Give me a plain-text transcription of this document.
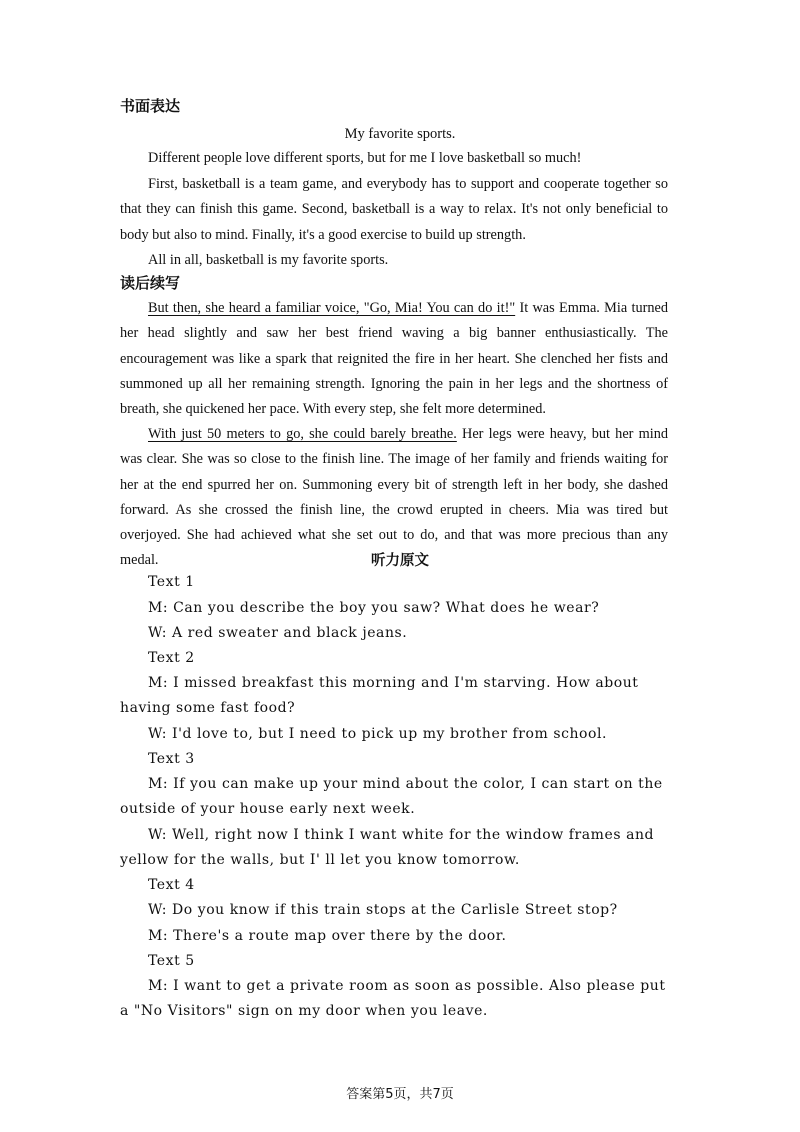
书面表达
My favorite sports.
Different people love different sports, but for me I love basketball so much!
First, basketball is a team game, and everybody has to support and cooperate together so that they can finish this game. Second, basketball is a way to relax. It's not only beneficial to body but also to mind. Finally, it's a good exercise to build up strength.
All in all, basketball is my favorite sports.
读后续写
But then, she heard a familiar voice, "Go, Mia! You can do it!" It was Emma. Mia turned her head slightly and saw her best friend waving a big banner enthusiastically. The encouragement was like a spark that reignited the fire in her heart. She clenched her fists and summoned up all her remaining strength. Ignoring the pain in her legs and the shortness of breath, she quickened her pace. With every step, she felt more determined.
With just 50 meters to go, she could barely breathe. Her legs were heavy, but her mind was clear. She was so close to the finish line. The image of her family and friends waiting for her at the end spurred her on. Summoning every bit of strength left in her body, she dashed forward. As she crossed the finish line, the crowd erupted in cheers. Mia was tired but overjoyed. She had achieved what she set out to do, and that was more precious than any medal.	听力原文
Text 1
M: Can you describe the boy you saw? What does he wear?
W: A red sweater and black jeans.
Text 2
M: I missed breakfast this morning and I'm starving. How about having some fast food?
W: I'd love to, but I need to pick up my brother from school.
Text 3
M: If you can make up your mind about the color, I can start on the outside of your house early next week.
W: Well, right now I think I want white for the window frames and yellow for the walls, but I' ll let you know tomorrow.
Text 4
W: Do you know if this train stops at the Carlisle Street stop?
M: There's a route map over there by the door.
Text 5
M: I want to get a private room as soon as possible. Also please put a "No Visitors" sign on my door when you leave.
答案第5页，共7页
